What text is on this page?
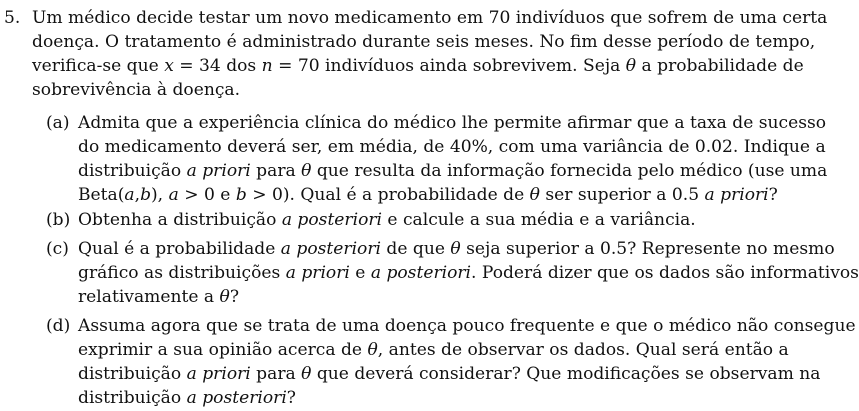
5. Um médico decide testar um novo medicamento em 70 indivíduos que sofrem de uma certa
doença. O tratamento é administrado durante seis meses. No fim desse período de tempo,
verifica-se que x = 34 dos n = 70 indivíduos ainda sobrevivem. Seja θ a probabilidade de
sobrevivência à doença.
(a) Admita que a experiência clínica do médico lhe permite afirmar que a taxa de sucesso
do medicamento deverá ser, em média, de 40%, com uma variância de 0.02. Indique a
distribuição a priori para θ que resulta da informação fornecida pelo médico (use uma
Beta(a,b), a > 0 e b > 0). Qual é a probabilidade de θ ser superior a 0.5 a priori?
(b) Obtenha a distribuição a posteriori e calcule a sua média e a variância.
(c) Qual é a probabilidade a posteriori de que θ seja superior a 0.5? Represente no mesmo
gráfico as distribuições a priori e a posteriori. Poderá dizer que os dados são informativos
relativamente a θ?
(d) Assuma agora que se trata de uma doença pouco frequente e que o médico não consegue
exprimir a sua opinião acerca de θ, antes de observar os dados. Qual será então a
distribuição a priori para θ que deverá considerar? Que modificações se observam na
distribuição a posteriori?
